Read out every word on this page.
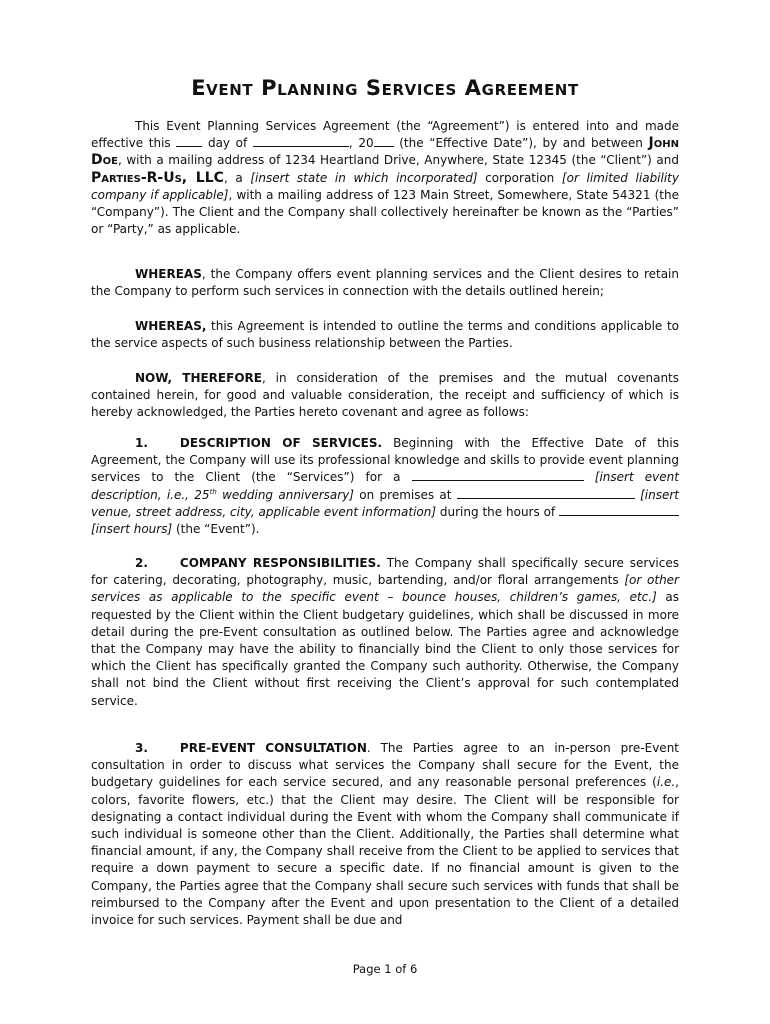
Event Planning Services Agreement

This Event Planning Services Agreement (the “Agreement”) is entered into and made effective this  day of	, 20 (the “Effective Date”), by and between John Doe, with a mailing address of 1234 Heartland Drive, Anywhere, State 12345 (the “Client”) and Parties-R-Us, LLC, a [insert state in which incorporated] corporation [or limited liability company if applicable], with a mailing address of 123 Main Street, Somewhere, State 54321 (the “Company”). The Client and the Company shall collectively hereinafter be known as the “Parties” or “Party,” as applicable.

WHEREAS, the Company offers event planning services and the Client desires to retain the Company to perform such services in connection with the details outlined herein;

WHEREAS, this Agreement is intended to outline the terms and conditions applicable to the service aspects of such business relationship between the Parties.

NOW, THEREFORE, in consideration of the premises and the mutual covenants contained herein, for good and valuable consideration, the receipt and sufficiency of which is hereby acknowledged, the Parties hereto covenant and agree as follows:

1.	DESCRIPTION OF SERVICES. Beginning with the Effective Date of this Agreement, the Company will use its professional knowledge and skills to provide event planning services to the Client (the “Services”) for a	[insert event description, i.e., 25th wedding anniversary] on premises at	[insert venue, street address, city, applicable event information] during the hours of  [insert hours] (the “Event”).

2.	COMPANY RESPONSIBILITIES. The Company shall specifically secure services for catering, decorating, photography, music, bartending, and/or floral arrangements [or other services as applicable to the specific event – bounce houses, children’s games, etc.] as requested by the Client within the Client budgetary guidelines, which shall be discussed in more detail during the pre-Event consultation as outlined below. The Parties agree and acknowledge that the Company may have the ability to financially bind the Client to only those services for which the Client has specifically granted the Company such authority. Otherwise, the Company shall not bind the Client without first receiving the Client’s approval for such contemplated service.

3.	PRE-EVENT CONSULTATION. The Parties agree to an in-person pre-Event consultation in order to discuss what services the Company shall secure for the Event, the budgetary guidelines for each service secured, and any reasonable personal preferences (i.e., colors, favorite flowers, etc.) that the Client may desire. The Client will be responsible for designating a contact individual during the Event with whom the Company shall communicate if such individual is someone other than the Client. Additionally, the Parties shall determine what financial amount, if any, the Company shall receive from the Client to be applied to services that require a down payment to secure a specific date. If no financial amount is given to the Company, the Parties agree that the Company shall secure such services with funds that shall be reimbursed to the Company after the Event and upon presentation to the Client of a detailed invoice for such services. Payment shall be due and

Page 1 of 6
